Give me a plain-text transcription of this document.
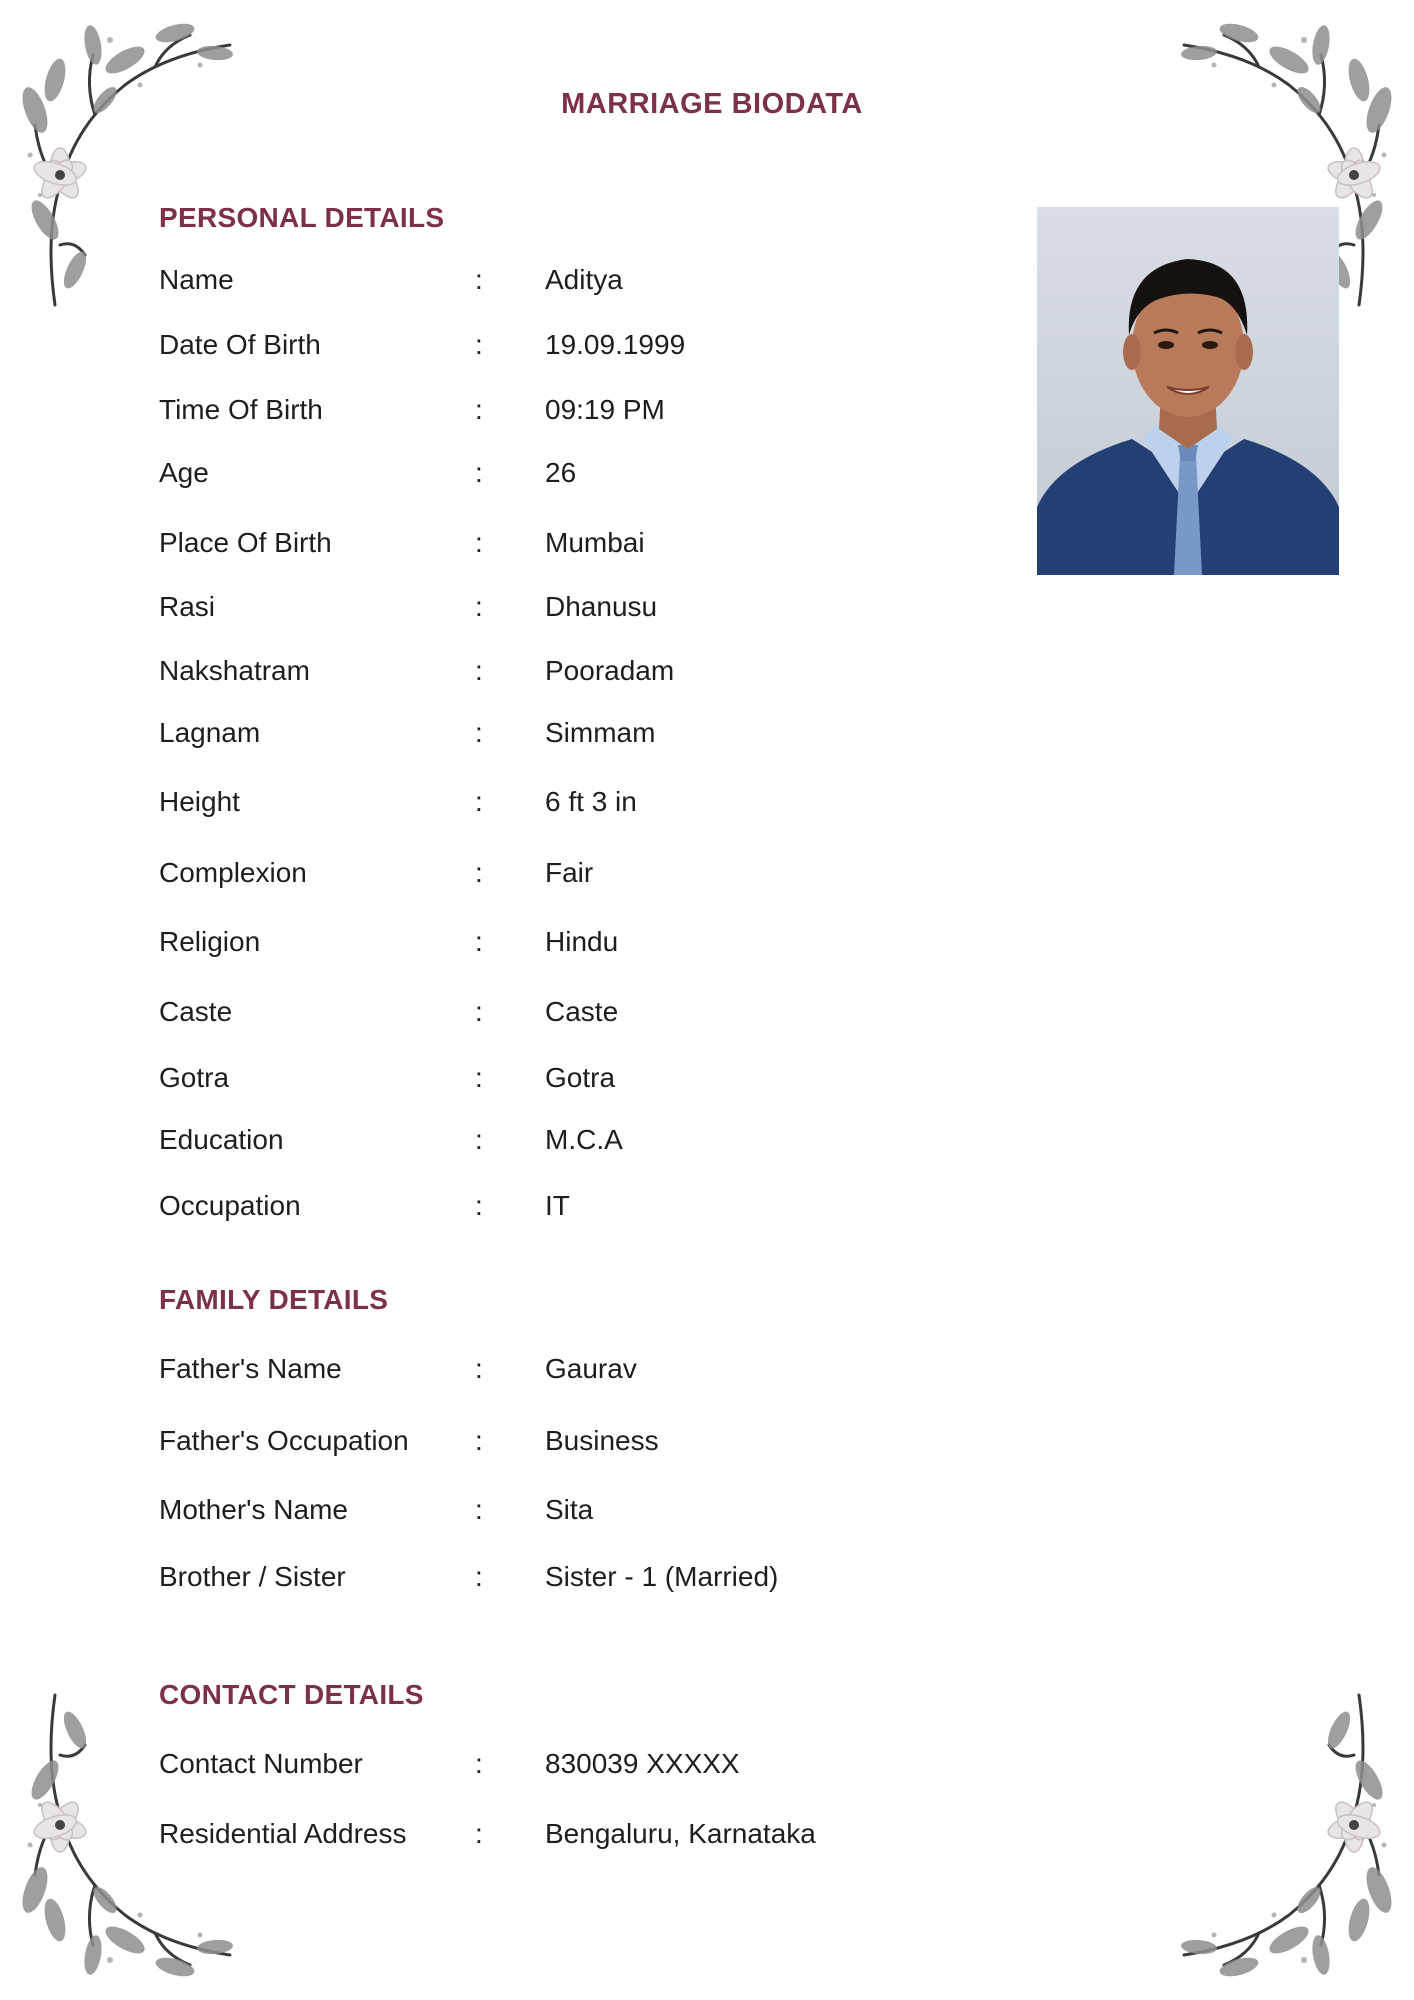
MARRIAGE BIODATA
PERSONAL DETAILS
FAMILY DETAILS
CONTACT DETAILS
Name	: Aditya
Date Of Birth	: 19.09.1999
Time Of Birth	: 09:19 PM
Age	: 26
Place Of Birth	: Mumbai
Rasi	: Dhanusu
Nakshatram	: Pooradam
Lagnam	: Simmam
Height	: 6 ft 3 in
Complexion	: Fair
Religion	: Hindu
Caste	: Caste
Gotra	: Gotra
Education	: M.C.A
Occupation	: IT
Father's Name	: Gaurav
Father's Occupation : Business
Mother's Name	: Sita
Brother / Sister	: Sister - 1 (Married)
Contact Number	: 830039 XXXXX
Residential Address : Bengaluru, Karnataka
